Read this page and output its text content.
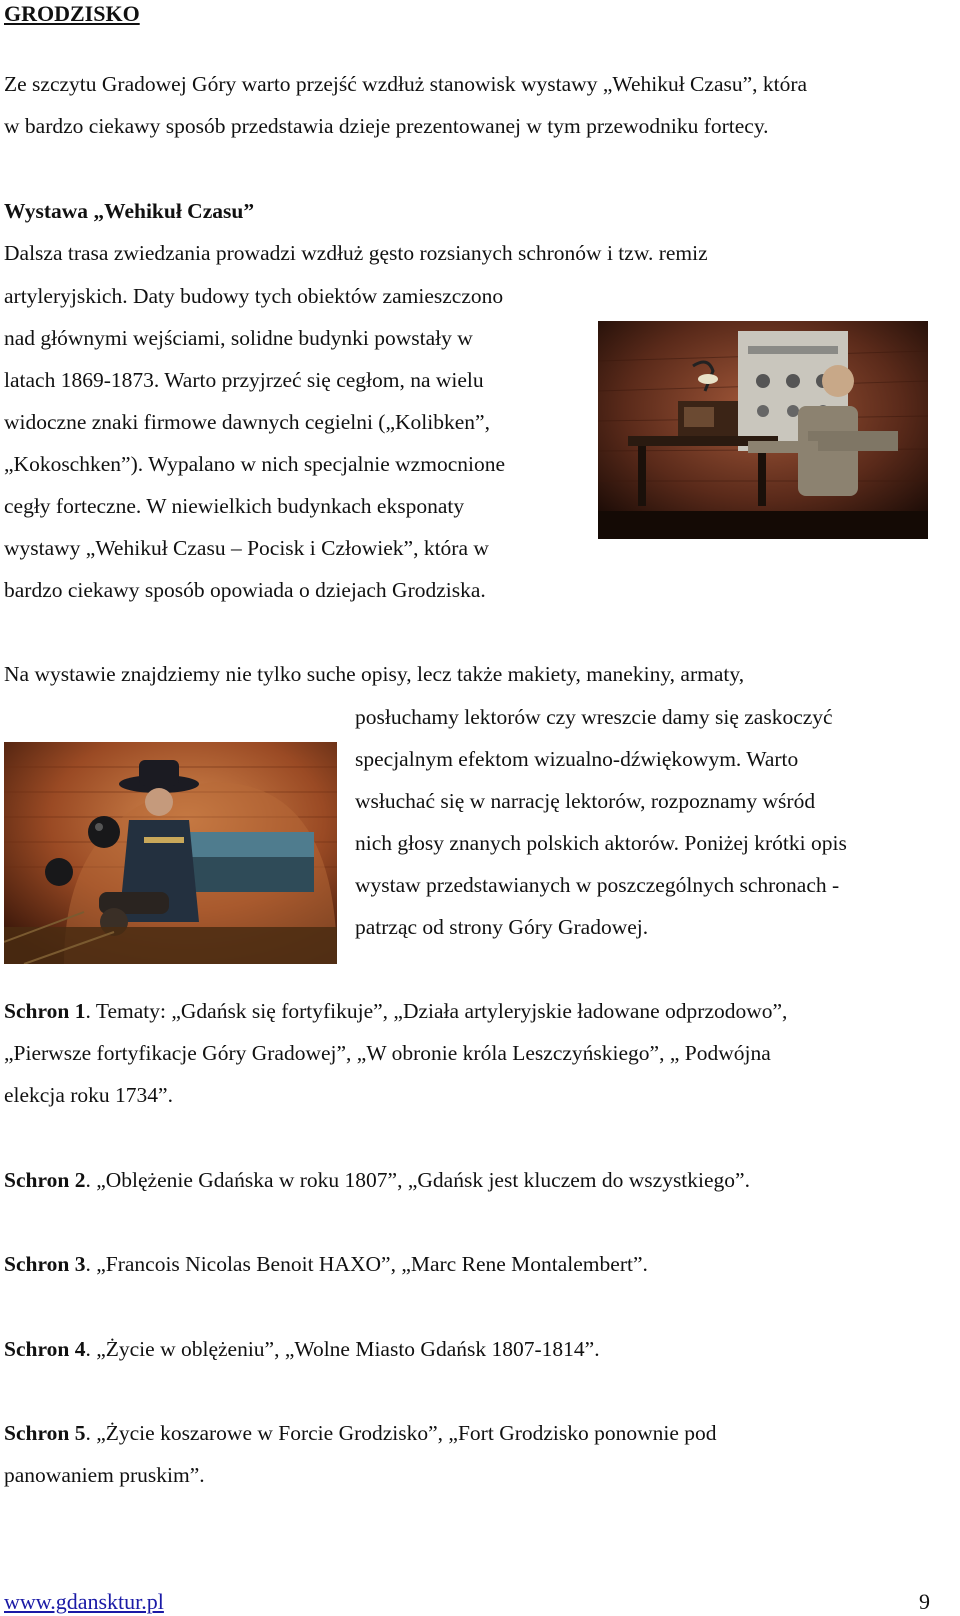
GRODZISKO
Ze szczytu Gradowej Góry warto przejść wzdłuż stanowisk wystawy „Wehikuł Czasu”, która
w bardzo ciekawy sposób przedstawia dzieje prezentowanej w tym przewodniku fortecy.
Wystawa „Wehikuł Czasu”
Dalsza trasa zwiedzania prowadzi wzdłuż gęsto rozsianych schronów i tzw. remiz
artyleryjskich. Daty budowy tych obiektów zamieszczono
nad głównymi wejściami, solidne budynki powstały w
latach 1869-1873. Warto przyjrzeć się cegłom, na wielu
widoczne znaki firmowe dawnych cegielni („Kolibken”,
„Kokoschken”). Wypalano w nich specjalnie wzmocnione
cegły forteczne. W niewielkich budynkach eksponaty
wystawy „Wehikuł Czasu – Pocisk i Człowiek”, która w
bardzo ciekawy sposób opowiada o dziejach Grodziska.
Na wystawie znajdziemy nie tylko suche opisy, lecz także makiety, manekiny, armaty,
posłuchamy lektorów czy wreszcie damy się zaskoczyć
specjalnym efektom wizualno-dźwiękowym. Warto
wsłuchać się w narrację lektorów, rozpoznamy wśród
nich głosy znanych polskich aktorów. Poniżej krótki opis
wystaw przedstawianych w poszczególnych schronach -
patrząc od strony Góry Gradowej.
Schron 1. Tematy: „Gdańsk się fortyfikuje”, „Działa artyleryjskie ładowane odprzodowo”,
„Pierwsze fortyfikacje Góry Gradowej”, „W obronie króla Leszczyńskiego”, „ Podwójna
elekcja roku 1734”.
Schron 2. „Oblężenie Gdańska w roku 1807”, „Gdańsk jest kluczem do wszystkiego”.
Schron 3. „Francois Nicolas Benoit HAXO”, „Marc Rene Montalembert”.
Schron 4. „Życie w oblężeniu”, „Wolne Miasto Gdańsk 1807-1814”.
Schron 5. „Życie koszarowe w Forcie Grodzisko”, „Fort Grodzisko ponownie pod
panowaniem pruskim”.
www.gdansktur.pl	9
